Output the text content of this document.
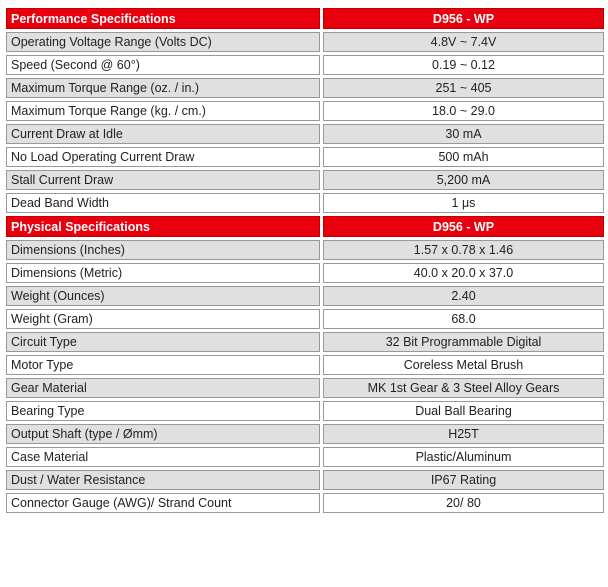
Performance Specifications	D956 - WP
Operating Voltage Range (Volts DC)	4.8V ~ 7.4V
Speed (Second @ 60°)	0.19 ~ 0.12
Maximum Torque Range (oz. / in.)	251 ~ 405
Maximum Torque Range (kg. / cm.)	18.0 ~ 29.0
Current Draw at Idle	30 mA
No Load Operating Current Draw	500 mAh
Stall Current Draw	5,200 mA
Dead Band Width	1 μs
Physical Specifications	D956 - WP
Dimensions (Inches)	1.57 x 0.78 x 1.46
Dimensions (Metric)	40.0 x 20.0 x 37.0
Weight (Ounces)	2.40
Weight (Gram)	68.0
Circuit Type	32 Bit Programmable Digital
Motor Type	Coreless Metal Brush
Gear Material	MK 1st Gear & 3 Steel Alloy Gears
Bearing Type	Dual Ball Bearing
Output Shaft (type / Ømm)	H25T
Case Material	Plastic/Aluminum
Dust / Water Resistance	IP67 Rating
Connector Gauge (AWG)/ Strand Count	20/ 80
